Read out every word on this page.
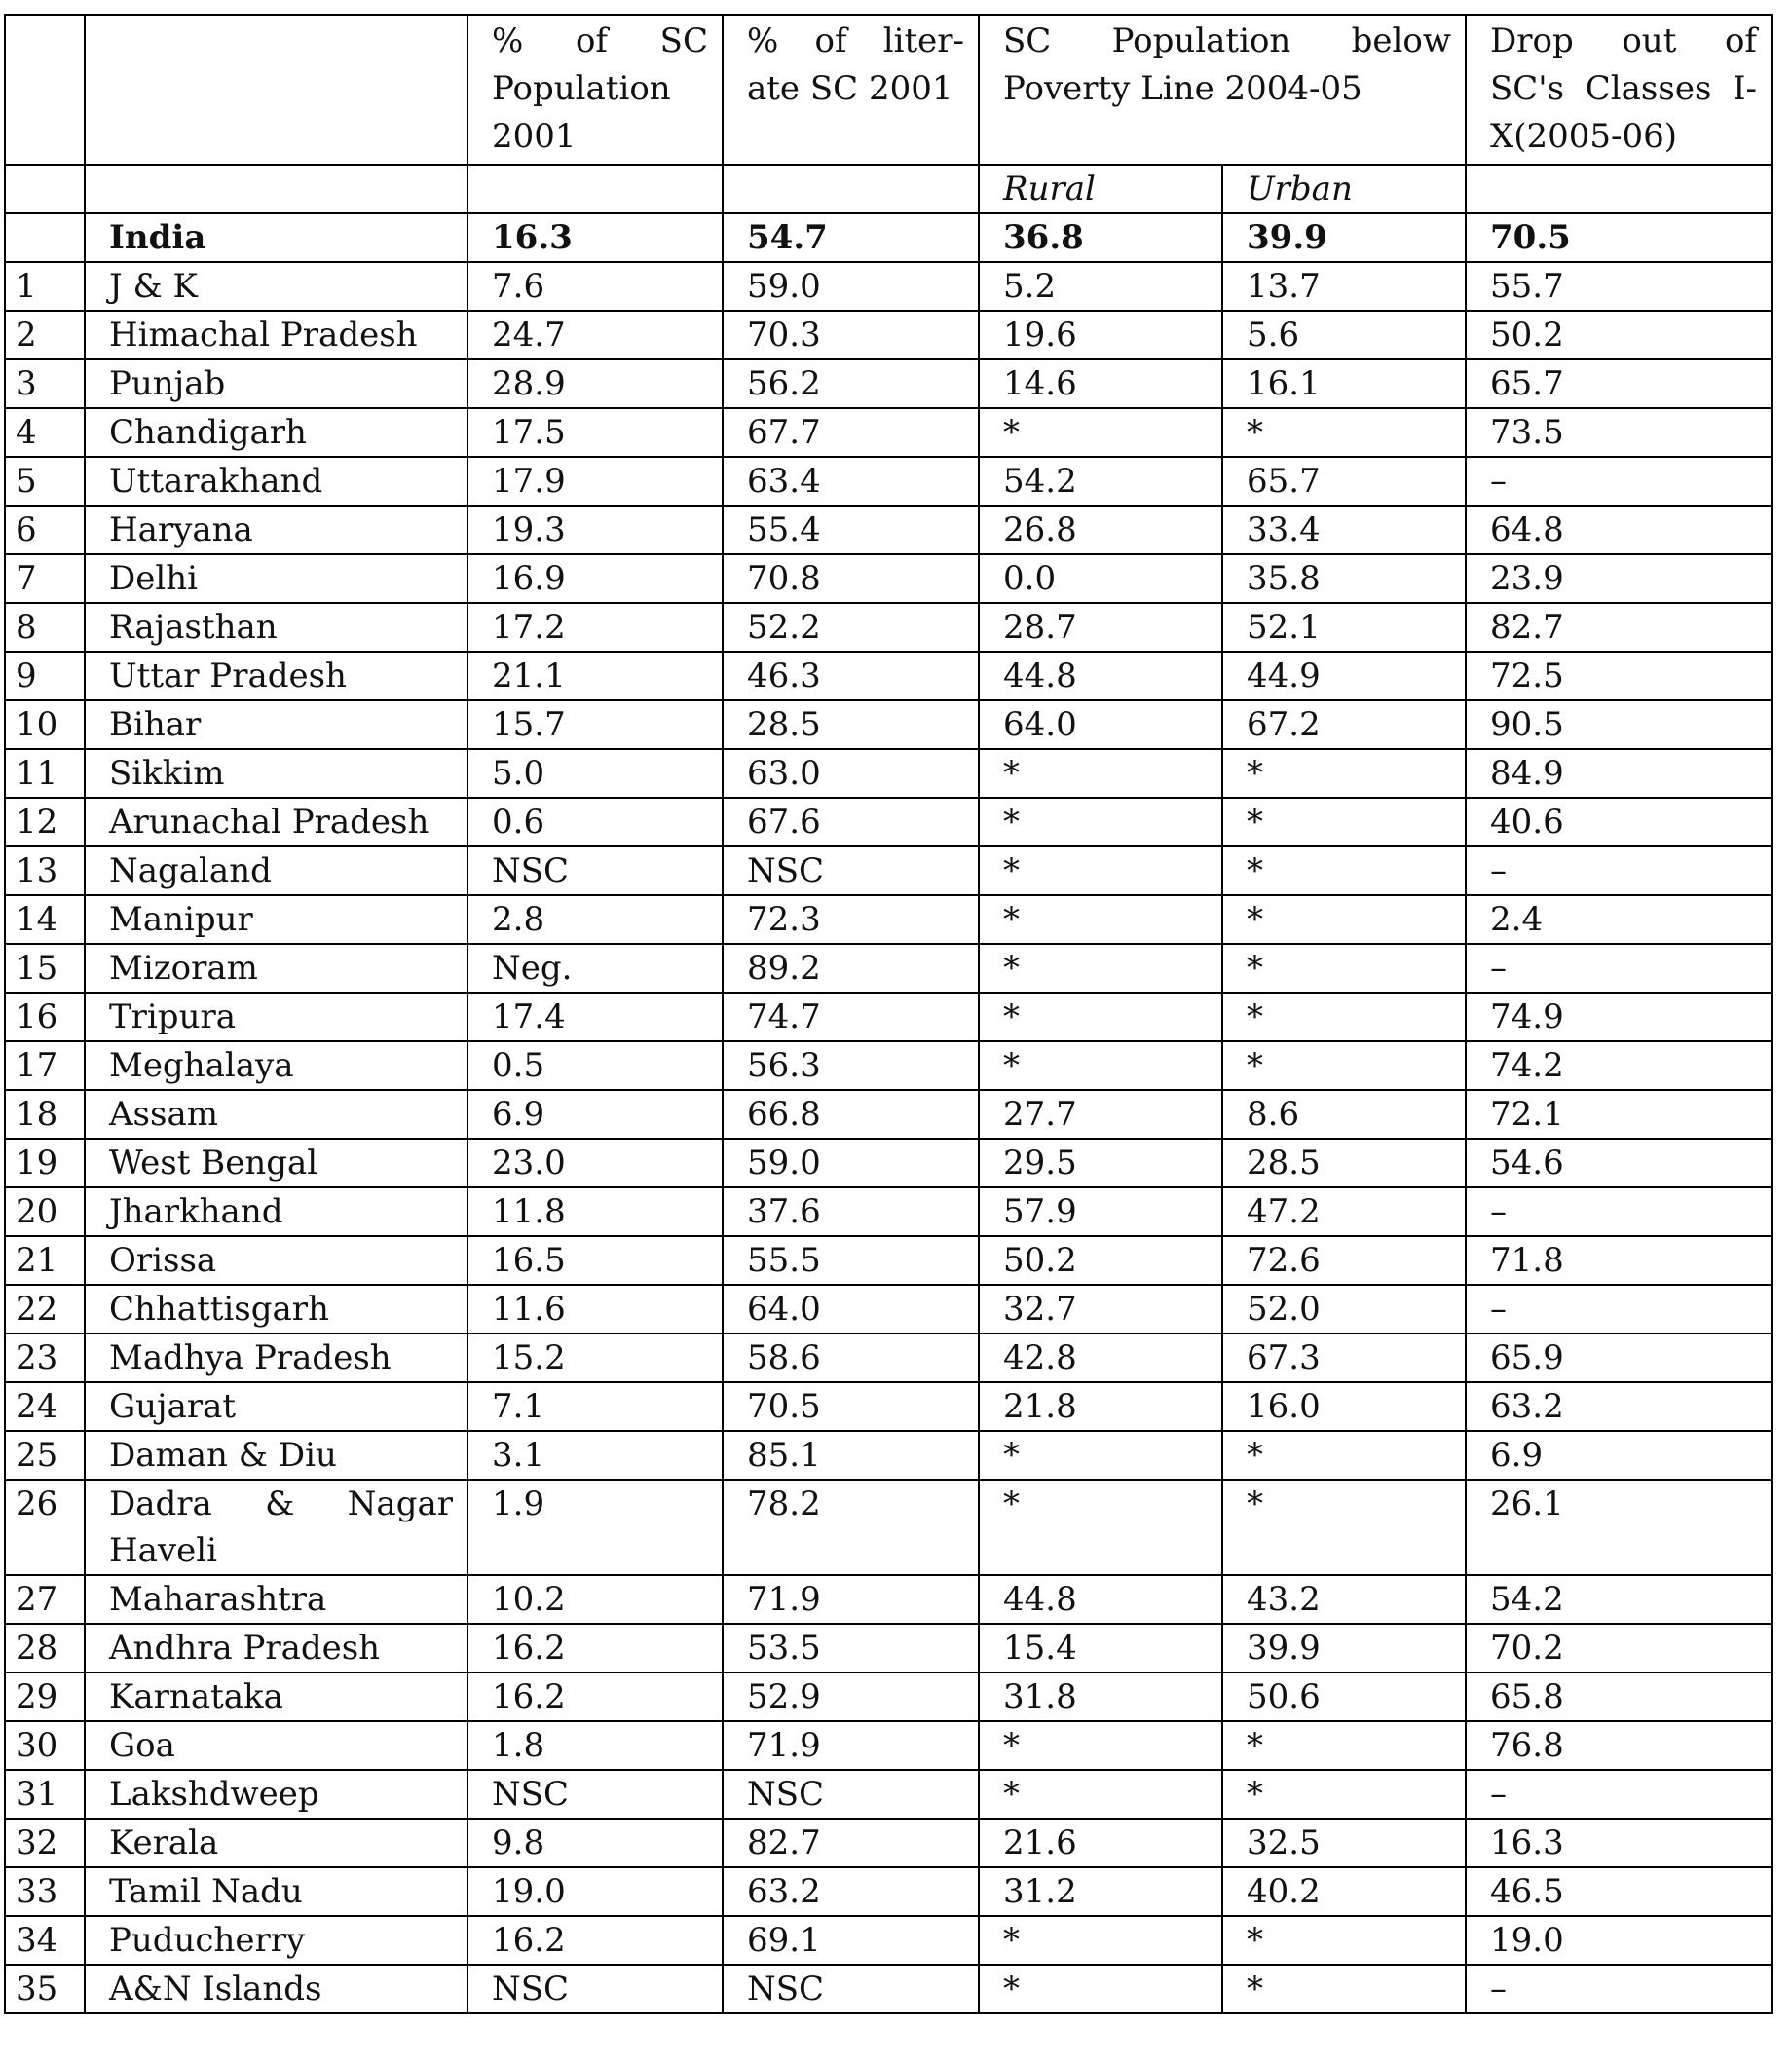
		% of SC Population 2001	% of liter-ate SC 2001	SC Population below Poverty Line 2004-05		Drop out of SC's Classes I-X(2005-06)
				Rural	Urban	
	India	16.3	54.7	36.8	39.9	70.5
1	J & K	7.6	59.0	5.2	13.7	55.7
2	Himachal Pradesh	24.7	70.3	19.6	5.6	50.2
3	Punjab	28.9	56.2	14.6	16.1	65.7
4	Chandigarh	17.5	67.7	*	*	73.5
5	Uttarakhand	17.9	63.4	54.2	65.7	–
6	Haryana	19.3	55.4	26.8	33.4	64.8
7	Delhi	16.9	70.8	0.0	35.8	23.9
8	Rajasthan	17.2	52.2	28.7	52.1	82.7
9	Uttar Pradesh	21.1	46.3	44.8	44.9	72.5
10	Bihar	15.7	28.5	64.0	67.2	90.5
11	Sikkim	5.0	63.0	*	*	84.9
12	Arunachal Pradesh	0.6	67.6	*	*	40.6
13	Nagaland	NSC	NSC	*	*	–
14	Manipur	2.8	72.3	*	*	2.4
15	Mizoram	Neg.	89.2	*	*	–
16	Tripura	17.4	74.7	*	*	74.9
17	Meghalaya	0.5	56.3	*	*	74.2
18	Assam	6.9	66.8	27.7	8.6	72.1
19	West Bengal	23.0	59.0	29.5	28.5	54.6
20	Jharkhand	11.8	37.6	57.9	47.2	–
21	Orissa	16.5	55.5	50.2	72.6	71.8
22	Chhattisgarh	11.6	64.0	32.7	52.0	–
23	Madhya Pradesh	15.2	58.6	42.8	67.3	65.9
24	Gujarat	7.1	70.5	21.8	16.0	63.2
25	Daman & Diu	3.1	85.1	*	*	6.9
26	Dadra & Nagar Haveli	1.9	78.2	*	*	26.1
27	Maharashtra	10.2	71.9	44.8	43.2	54.2
28	Andhra Pradesh	16.2	53.5	15.4	39.9	70.2
29	Karnataka	16.2	52.9	31.8	50.6	65.8
30	Goa	1.8	71.9	*	*	76.8
31	Lakshdweep	NSC	NSC	*	*	–
32	Kerala	9.8	82.7	21.6	32.5	16.3
33	Tamil Nadu	19.0	63.2	31.2	40.2	46.5
34	Puducherry	16.2	69.1	*	*	19.0
35	A&N Islands	NSC	NSC	*	*	–
